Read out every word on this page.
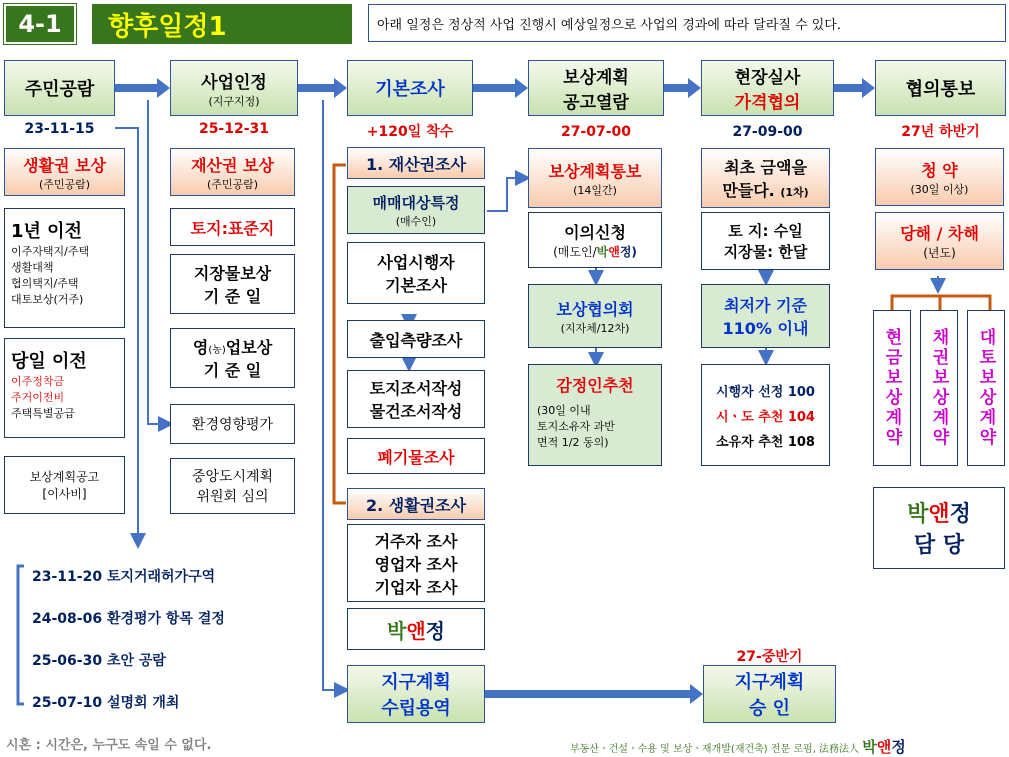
4-1	향후일정1	아래 일정은 정상적 사업 진행시 예상일정으로 사업의 경과에 따라 달라질 수 있다.
주민공람	사업인정
(지구지정)
기본조사
보상계획
공고열람
현장실사
가격협의
협의통보
23-11-15	25-12-31	+120일 착수	27-07-00	27-09-00	27년 하반기
생활권 보상
(주민공람)
1년 이전
이주자택지/주택
생활대책
협의택지/주택
대토보상(거주)
당일 이전
이주정착금
주거이전비
주택특별공급
보상계획공고
[이사비]
재산권 보상
(주민공람)
토지:표준지
지장물보상
기 준 일
영(농)업보상
기 준 일
환경영향평가
중앙도시계획
위원회 심의
1. 재산권조사
매매대상특정
(매수인)
사업시행자
기본조사
출입측량조사
토지조서작성
물건조서작성
폐기물조사
2. 생활권조사
거주자 조사
영업자 조사
기업자 조사
박앤정
보상계획통보
(14일간)
이의신청
(매도인/박앤정)
보상협의회
(지자체/12차)
감정인추천
(30일 이내
토지소유자 과반
면적 1/2 동의)
최초 금액을
만들다. (1차)
토 지: 수일
지장물: 한달
최저가 기준
110% 이내
시행자 선정 100
시ㆍ도 추천 104
소유자 추천 108
청 약
(30일 이상)
당해 / 차해
(년도)
현금보상계약 채권보상계약 대토보상계약
박앤정
담 당
지구계획
수립용역
27-중반기
지구계획
승 인
23-11-20 토지거래허가구역
24-08-06 환경평가 항목 결정
25-06-30 초안 공람
25-07-10 설명회 개최
시혼 : 시간은, 누구도 속일 수 없다.	부동산ㆍ건설ㆍ수용 및 보상ㆍ재개발(재건축) 전문 로펌, 法務法人 박앤정
